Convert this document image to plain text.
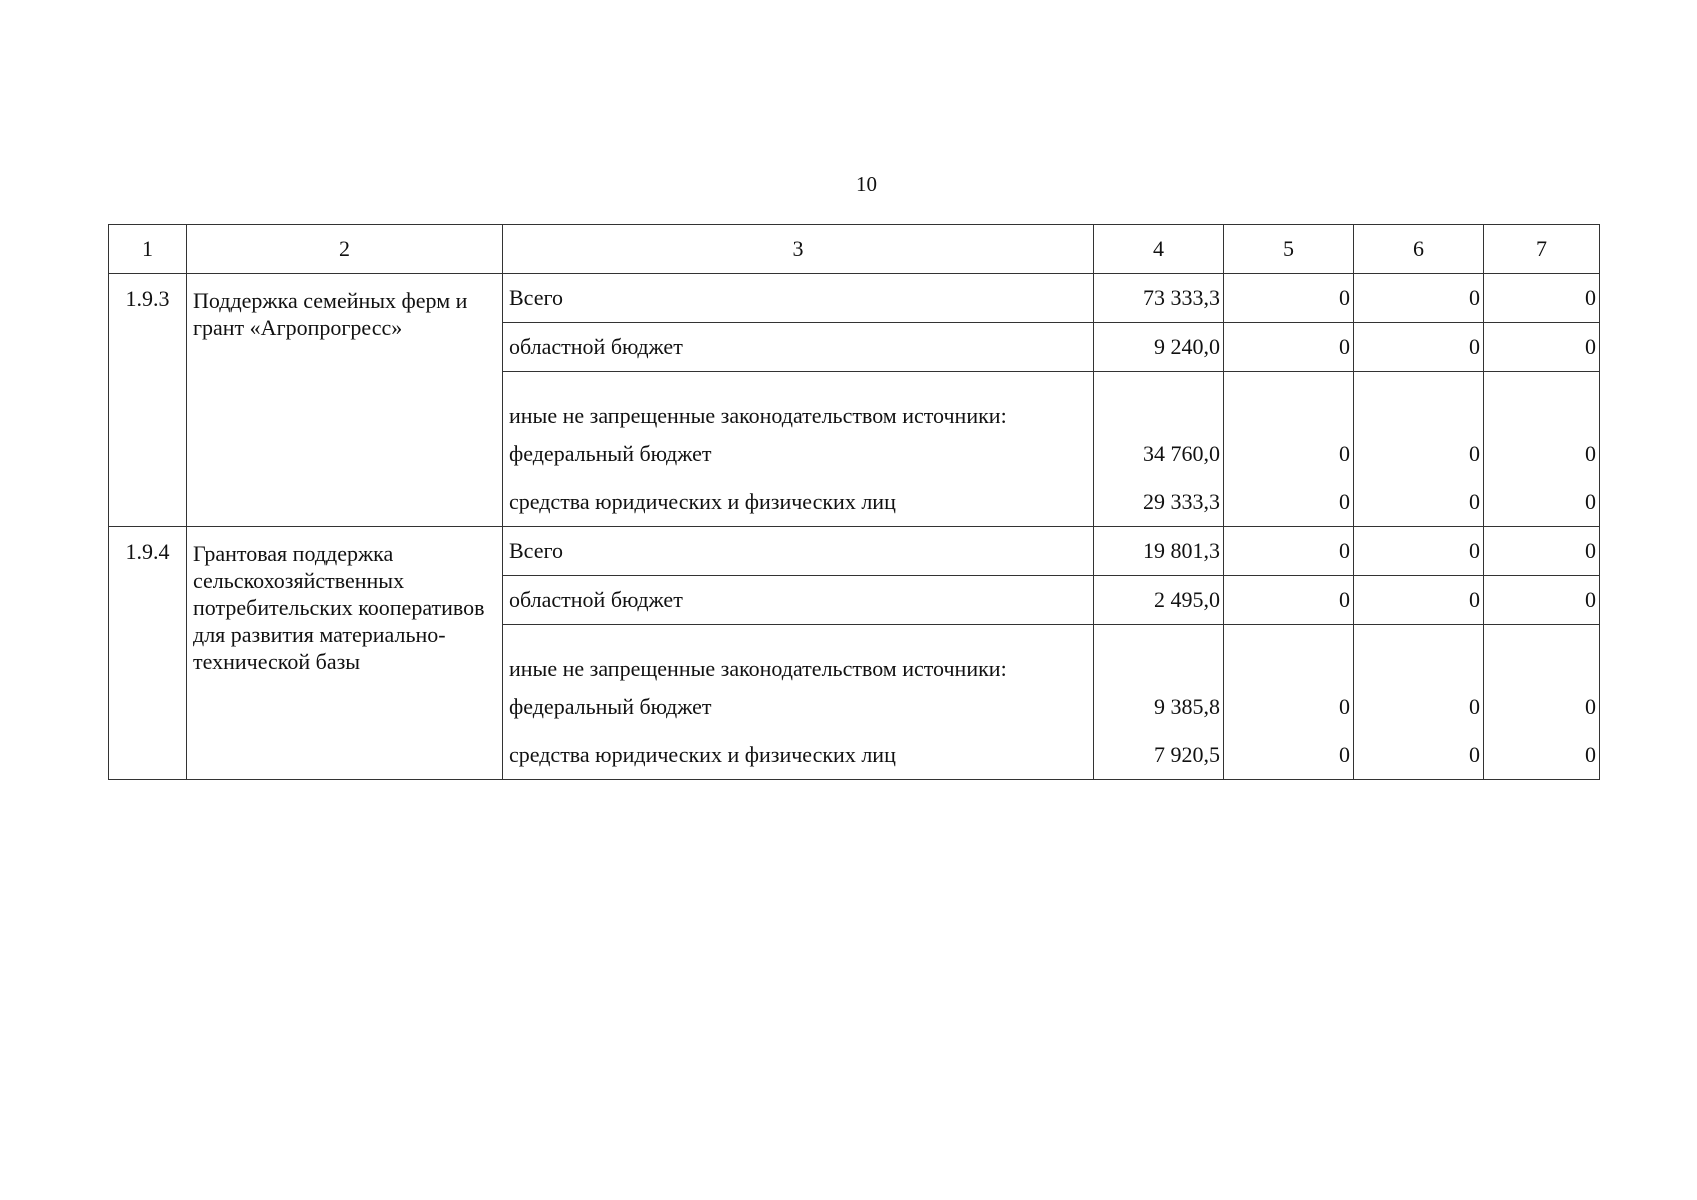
10
1	2	3	4	5	6	7
1.9.3	Поддержка семейных ферм и грант «Агропрогресс»	Всего	73 333,3	0	0	0
		областной бюджет	9 240,0	0	0	0
		иные не запрещенные законодательством источники:				
		федеральный бюджет	34 760,0	0	0	0
		средства юридических и физических лиц	29 333,3	0	0	0
1.9.4	Грантовая поддержка сельскохозяйственных потребительских кооперативов для развития материально-технической базы	Всего	19 801,3	0	0	0
		областной бюджет	2 495,0	0	0	0
		иные не запрещенные законодательством источники:				
		федеральный бюджет	9 385,8	0	0	0
		средства юридических и физических лиц	7 920,5	0	0	0
